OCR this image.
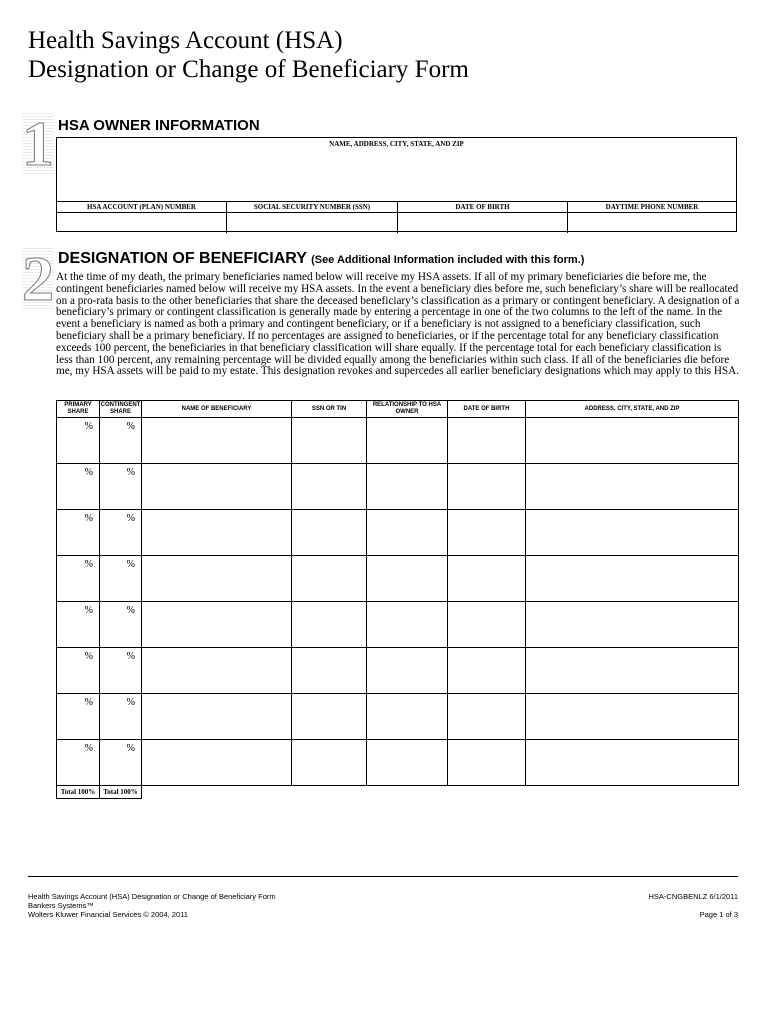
Health Savings Account (HSA)
Designation or Change of Beneficiary Form
1 HSA OWNER INFORMATION
NAME, ADDRESS, CITY, STATE, AND ZIP
HSA ACCOUNT (PLAN) NUMBER	SOCIAL SECURITY NUMBER (SSN)	DATE OF BIRTH	DAYTIME PHONE NUMBER
2 DESIGNATION OF BENEFICIARY (See Additional Information included with this form.)
At the time of my death, the primary beneficiaries named below will receive my HSA assets. If all of my primary beneficiaries die before me, the contingent beneficiaries named below will receive my HSA assets. In the event a beneficiary dies before me, such beneficiary’s share will be reallocated on a pro-rata basis to the other beneficiaries that share the deceased beneficiary’s classification as a primary or contingent beneficiary. A designation of a beneficiary’s primary or contingent classification is generally made by entering a percentage in one of the two columns to the left of the name. In the event a beneficiary is named as both a primary and contingent beneficiary, or if a beneficiary is not assigned to a beneficiary classification, such beneficiary shall be a primary beneficiary. If no percentages are assigned to beneficiaries, or if the percentage total for any beneficiary classification exceeds 100 percent, the beneficiaries in that beneficiary classification will share equally. If the percentage total for each beneficiary classification is less than 100 percent, any remaining percentage will be divided equally among the beneficiaries within such class. If all of the beneficiaries die before me, my HSA assets will be paid to my estate. This designation revokes and supercedes all earlier beneficiary designations which may apply to this HSA.
PRIMARY SHARE	CONTINGENT SHARE	NAME OF BENEFICIARY	SSN OR TIN	RELATIONSHIP TO HSA OWNER	DATE OF BIRTH	ADDRESS, CITY, STATE, AND ZIP
%	%					
%	%					
%	%					
%	%					
%	%					
%	%					
%	%					
%	%					
Total 100%	Total 100%					
Health Savings Account (HSA) Designation or Change of Beneficiary Form
Bankers Systems™
Wolters Kluwer Financial Services © 2004, 2011
HSA-CNGBENLZ 6/1/2011
Page 1 of 3
